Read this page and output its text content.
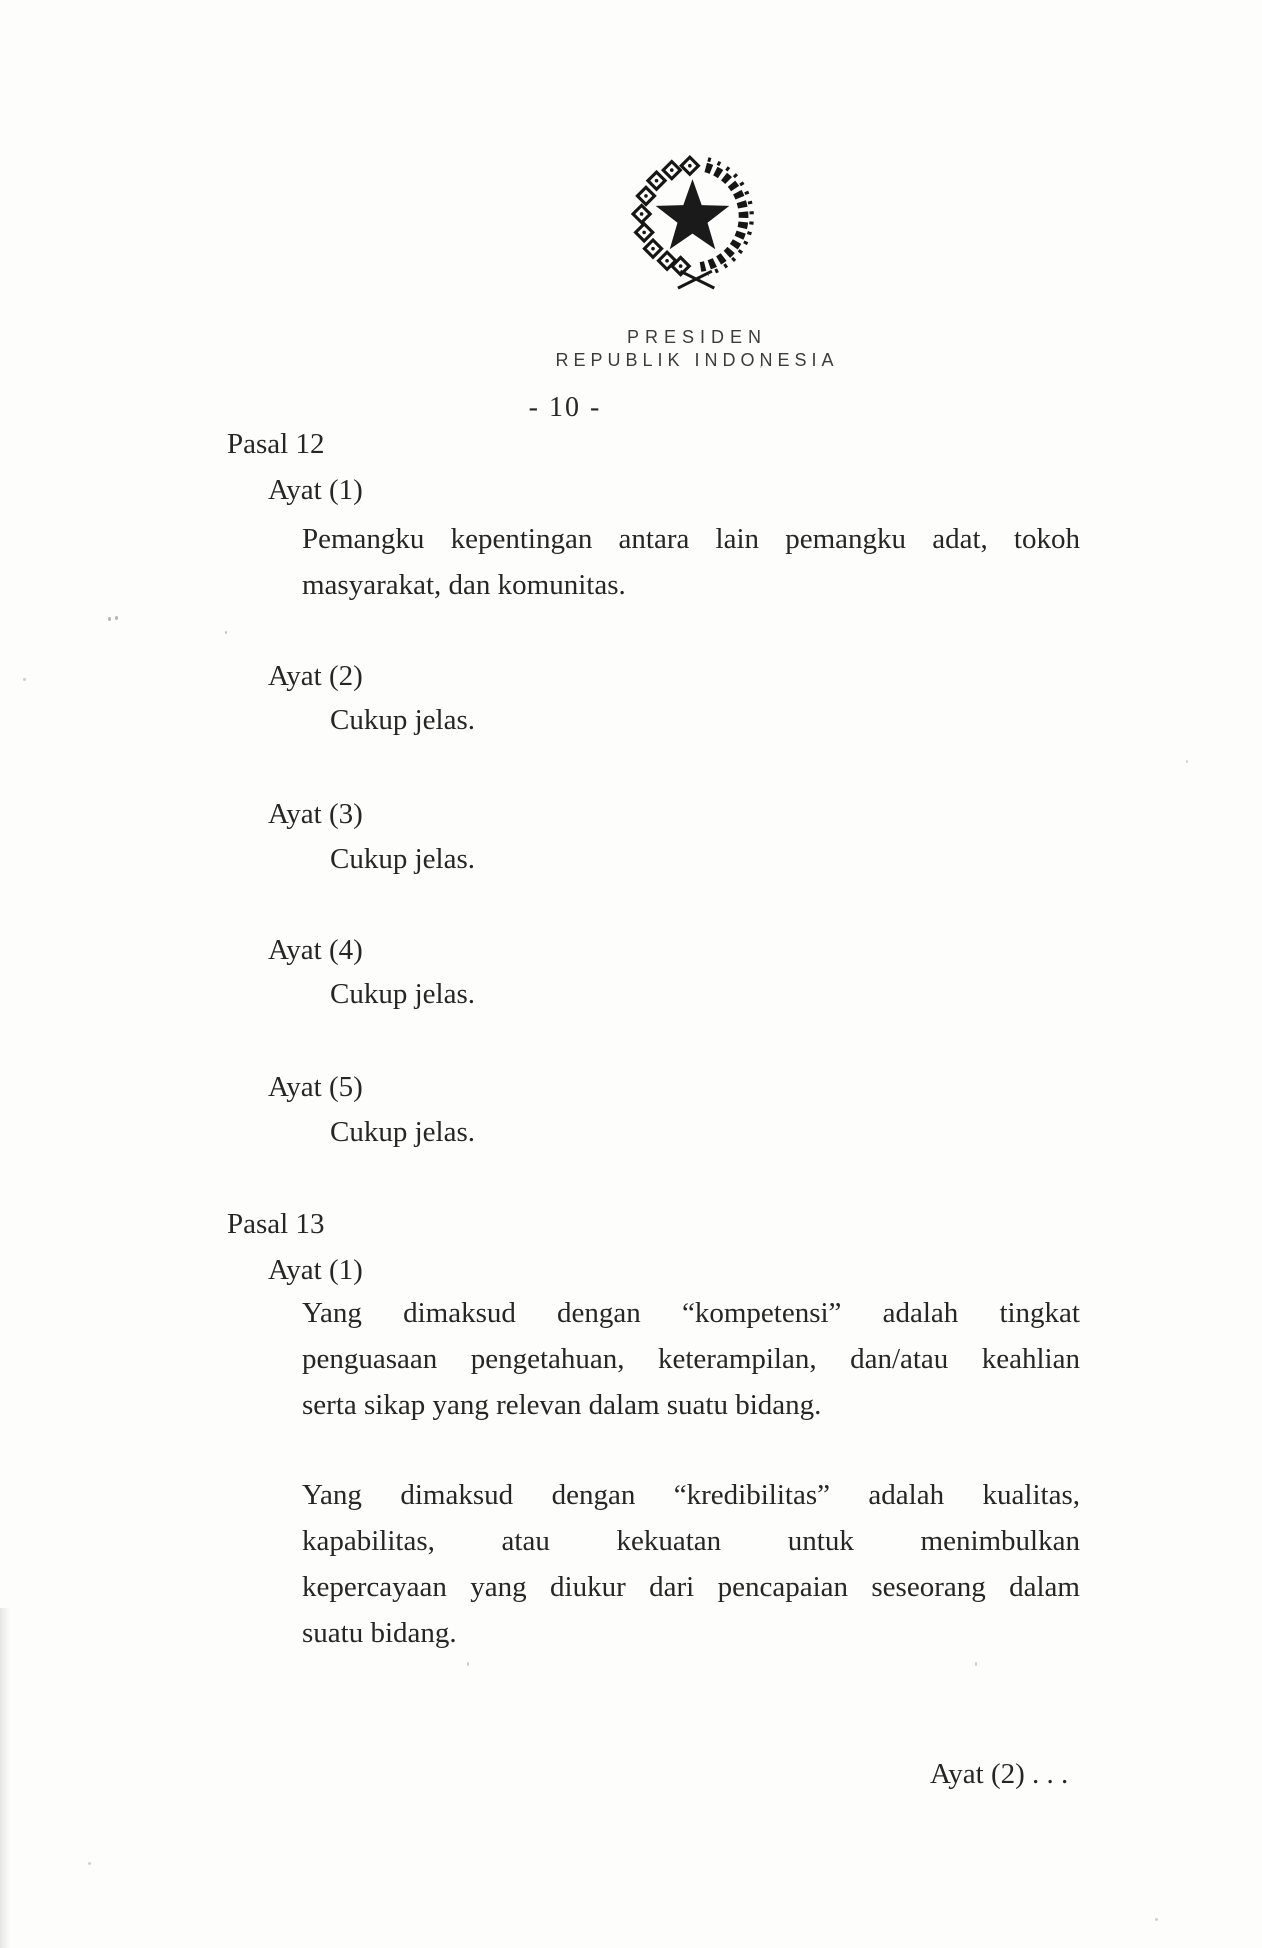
PRESIDEN
REPUBLIK INDONESIA
- 10 -
Pasal 12
Ayat (1)
Pemangku kepentingan antara lain pemangku adat, tokoh
masyarakat, dan komunitas.
Ayat (2)
Cukup jelas.
Ayat (3)
Cukup jelas.
Ayat (4)
Cukup jelas.
Ayat (5)
Cukup jelas.
Pasal 13
Ayat (1)
Yang dimaksud dengan “kompetensi” adalah tingkat
penguasaan pengetahuan, keterampilan, dan/atau keahlian
serta sikap yang relevan dalam suatu bidang.
Yang dimaksud dengan “kredibilitas” adalah kualitas,
kapabilitas, atau kekuatan untuk menimbulkan
kepercayaan yang diukur dari pencapaian seseorang dalam
suatu bidang.
Ayat (2) . . .
